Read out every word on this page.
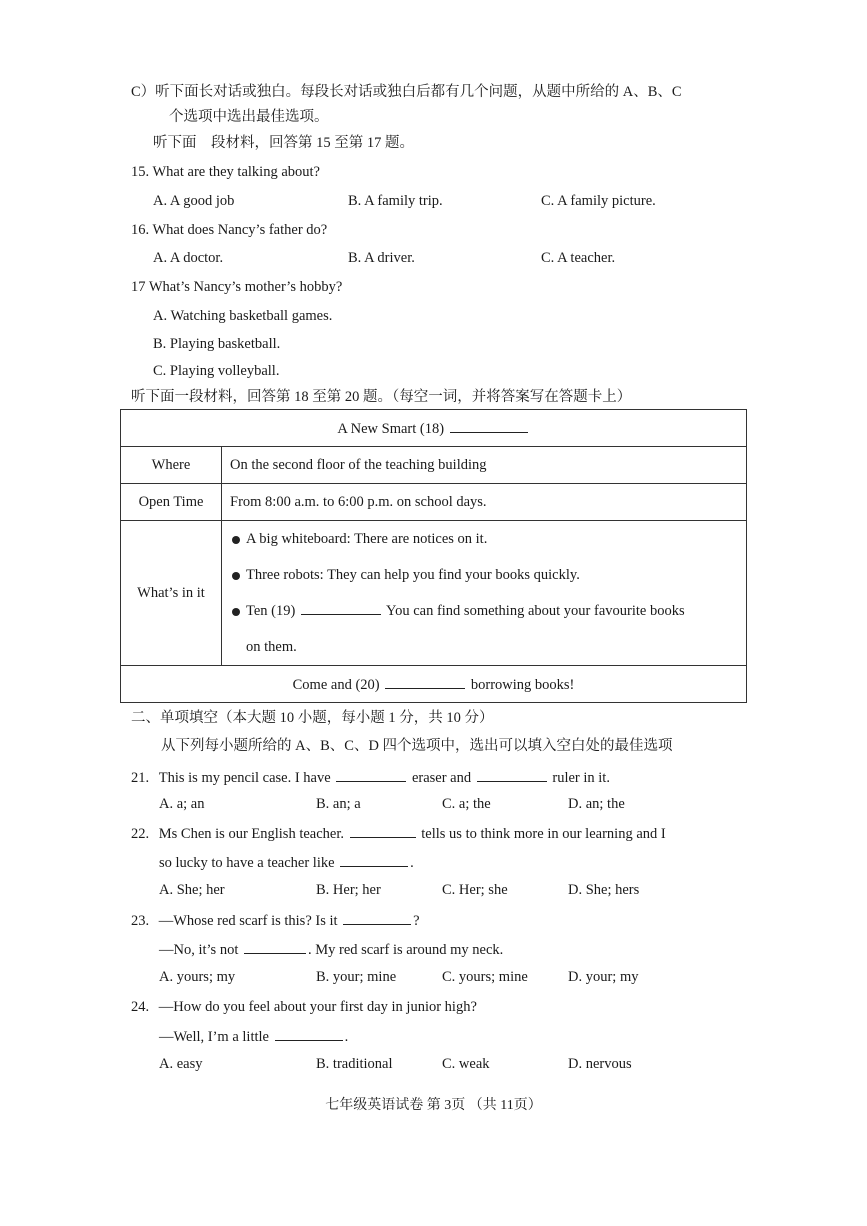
C）听下面长对话或独白。每段长对话或独白后都有几个问题，从题中所给的 A、B、C
个选项中选出最佳选项。
听下面　段材料，回答第 15 至第 17 题。
15. What are they talking about?
A. A good job	B. A family trip.	C. A family picture.
16. What does Nancy’s father do?
A. A doctor.	B. A driver.	C. A teacher.
17 What’s Nancy’s mother’s hobby?
A. Watching basketball games.
B. Playing basketball.
C. Playing volleyball.
听下面一段材料，回答第 18 至第 20 题。（每空一词，并将答案写在答题卡上）
A New Smart (18)	
Where	On the second floor of the teaching building
Open Time	From 8:00 a.m. to 6:00 p.m. on school days.
What’s in it	A big whiteboard: There are notices on it.
Three robots: They can help you find your books quickly.
Ten (19) You can find something about your favourite books
on them.

Come and (20) borrowing books!	
二、单项填空（本大题 10 小题，每小题 1 分，共 10 分）
从下列每小题所给的 A、B、C、D 四个选项中，选出可以填入空白处的最佳选项
21. This is my pencil case. I have	eraser and	ruler in it.
A. a; an	B. an; a	C. a; the	D. an; the
22. Ms Chen is our English teacher.	tells us to think more in our learning and I
so lucky to have a teacher like	.
A. She; her	B. Her; her	C. Her; she	D. She; hers
23. —Whose red scarf is this? Is it	?
—No, it’s not	. My red scarf is around my neck.
A. yours; my	B. your; mine	C. yours; mine	D. your; my
24. —How do you feel about your first day in junior high?
—Well, I’m a little	.
A. easy	B. traditional	C. weak	D. nervous
七年级英语试卷 第 3页 （共 11页）
